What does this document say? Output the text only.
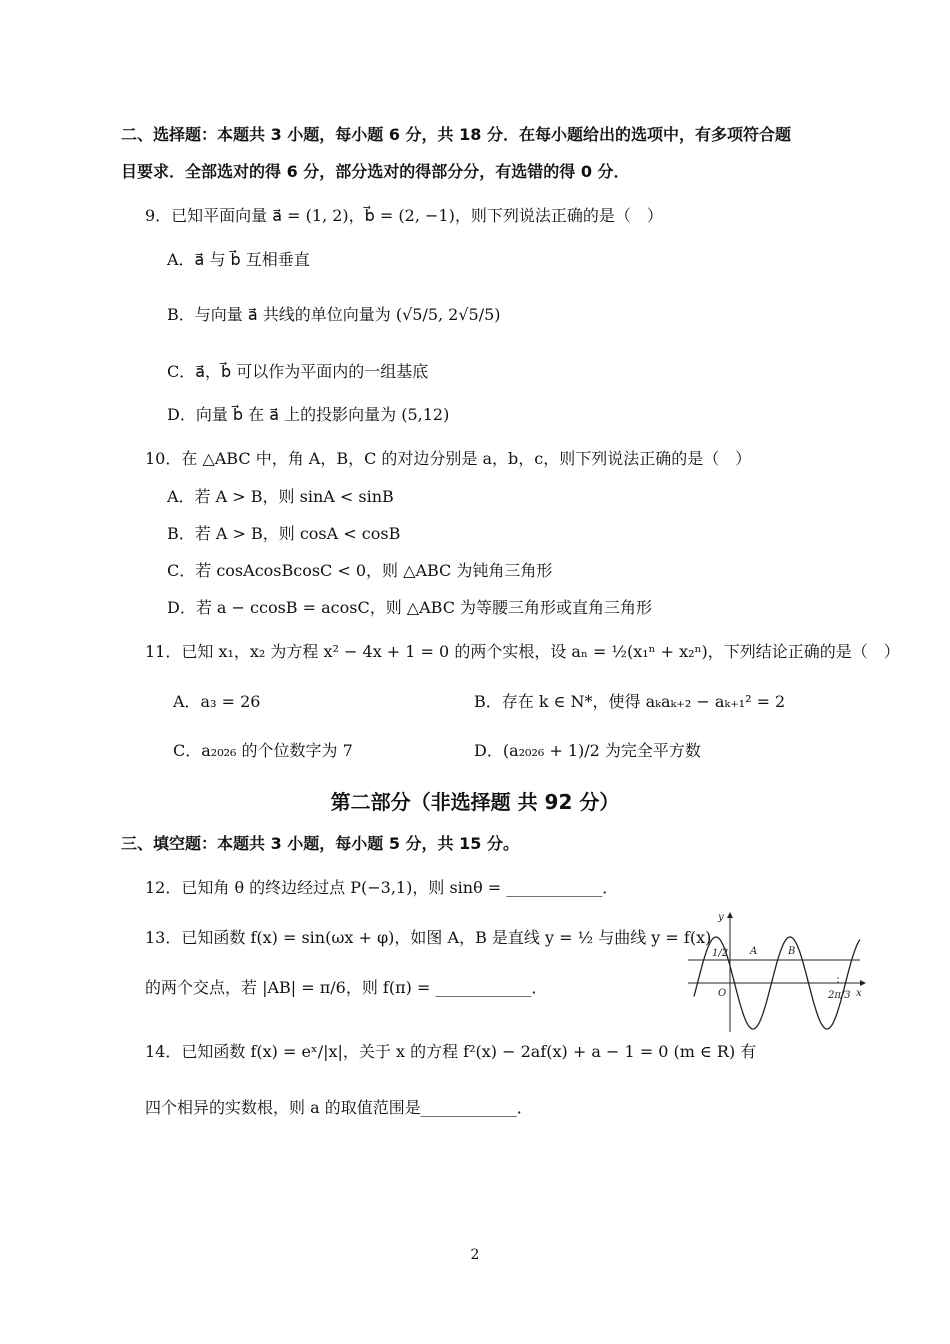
二、选择题：本题共 3 小题，每小题 6 分，共 18 分．在每小题给出的选项中，有多项符合题
目要求．全部选对的得 6 分，部分选对的得部分分，有选错的得 0 分．
9．已知平面向量 a⃗ = (1, 2)，b⃗ = (2, −1)，则下列说法正确的是（　）
A．a⃗ 与 b⃗ 互相垂直
B．与向量 a⃗ 共线的单位向量为 (√5/5, 2√5/5)
C．a⃗，b⃗ 可以作为平面内的一组基底
D．向量 b⃗ 在 a⃗ 上的投影向量为 (5,12)
10．在 △ABC 中，角 A，B，C 的对边分别是 a，b，c，则下列说法正确的是（　）
A．若 A > B，则 sinA < sinB
B．若 A > B，则 cosA < cosB
C．若 cosAcosBcosC < 0，则 △ABC 为钝角三角形
D．若 a − ccosB = acosC，则 △ABC 为等腰三角形或直角三角形
11．已知 x₁，x₂ 为方程 x² − 4x + 1 = 0 的两个实根，设 aₙ = ½(x₁ⁿ + x₂ⁿ)，下列结论正确的是（　）
A．a₃ = 26	B．存在 k ∈ N*，使得 aₖaₖ₊₂ − aₖ₊₁² = 2
C．a₂₀₂₆ 的个位数字为 7	D．(a₂₀₂₆ + 1)/2 为完全平方数
第二部分（非选择题 共 92 分）
三、填空题：本题共 3 小题，每小题 5 分，共 15 分。
12．已知角 θ 的终边经过点 P(−3,1)，则 sinθ = ____________．
13．已知函数 f(x) = sin(ωx + φ)，如图 A，B 是直线 y = ½ 与曲线 y = f(x)
的两个交点，若 |AB| = π/6，则 f(π) = ____________．
y
x
O
1/2 A	B
2π/3
14．已知函数 f(x) = eˣ/|x|，关于 x 的方程 f²(x) − 2af(x) + a − 1 = 0 (m ∈ R) 有
四个相异的实数根，则 a 的取值范围是____________．
2
